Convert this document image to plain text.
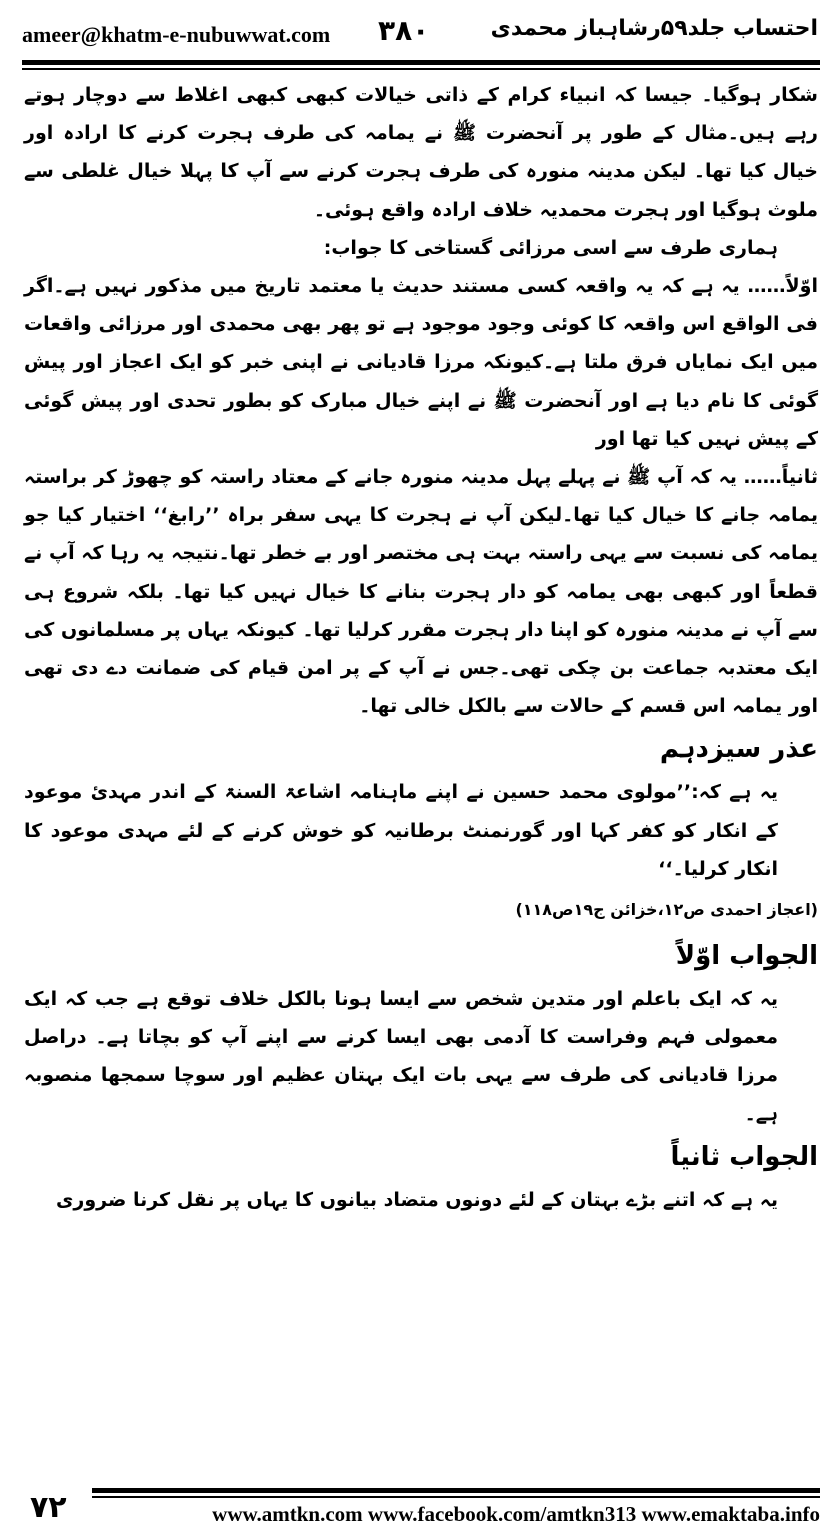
ameer@khatm-e-nubuwwat.com ۳۸۰	احتساب جلد۵۹رشاہباز محمدی

شکار ہوگیا۔ جیسا کہ انبیاء کرام کے ذاتی خیالات کبھی کبھی اغلاط سے دوچار ہوتے رہے ہیں۔مثال کے طور پر آنحضرت ﷺ نے یمامہ کی طرف ہجرت کرنے کا ارادہ اور خیال کیا تھا۔ لیکن مدینہ منورہ کی طرف ہجرت کرنے سے آپ کا پہلا خیال غلطی سے ملوث ہوگیا اور ہجرت محمدیہ خلاف ارادہ واقع ہوئی۔

ہماری طرف سے اسی مرزائی گستاخی کا جواب:

اوّلاً…… یہ ہے کہ یہ واقعہ کسی مستند حدیث یا معتمد تاریخ میں مذکور نہیں ہے۔اگر فی الواقع اس واقعہ کا کوئی وجود موجود ہے تو پھر بھی محمدی اور مرزائی واقعات میں ایک نمایاں فرق ملتا ہے۔کیونکہ مرزا قادیانی نے اپنی خبر کو ایک اعجاز اور پیش گوئی کا نام دیا ہے اور آنحضرت ﷺ نے اپنے خیال مبارک کو بطور تحدی اور پیش گوئی کے پیش نہیں کیا تھا اور

ثانیاً…… یہ کہ آپ ﷺ نے پہلے پہل مدینہ منورہ جانے کے معتاد راستہ کو چھوڑ کر براستہ یمامہ جانے کا خیال کیا تھا۔لیکن آپ نے ہجرت کا یہی سفر براہ ’’رابغ‘‘ اختیار کیا جو یمامہ کی نسبت سے یہی راستہ بہت ہی مختصر اور بے خطر تھا۔نتیجہ یہ رہا کہ آپ نے قطعاً اور کبھی بھی یمامہ کو دار ہجرت بنانے کا خیال نہیں کیا تھا۔ بلکہ شروع ہی سے آپ نے مدینہ منورہ کو اپنا دار ہجرت مقرر کرلیا تھا۔ کیونکہ یہاں پر مسلمانوں کی ایک معتدبہ جماعت بن چکی تھی۔جس نے آپ کے پر امن قیام کی ضمانت دے دی تھی اور یمامہ اس قسم کے حالات سے بالکل خالی تھا۔

عذر سیزدہم

یہ ہے کہ:’’مولوی محمد حسین نے اپنے ماہنامہ اشاعۃ السنۃ کے اندر مہدیٔ موعود کے انکار کو کفر کہا اور گورنمنٹ برطانیہ کو خوش کرنے کے لئے مہدی موعود کا انکار کرلیا۔‘‘

(اعجاز احمدی ص۱۲،خزائن ج۱۹ص۱۱۸)

الجواب اوّلاً

یہ کہ ایک باعلم اور متدین شخص سے ایسا ہونا بالکل خلاف توقع ہے جب کہ ایک معمولی فہم وفراست کا آدمی بھی ایسا کرنے سے اپنے آپ کو بچاتا ہے۔ دراصل مرزا قادیانی کی طرف سے یہی بات ایک بہتان عظیم اور سوچا سمجھا منصوبہ ہے۔

الجواب ثانیاً

یہ ہے کہ اتنے بڑے بہتان کے لئے دونوں متضاد بیانوں کا یہاں پر نقل کرنا ضروری

۷۲	www.amtkn.com www.facebook.com/amtkn313 www.emaktaba.info
